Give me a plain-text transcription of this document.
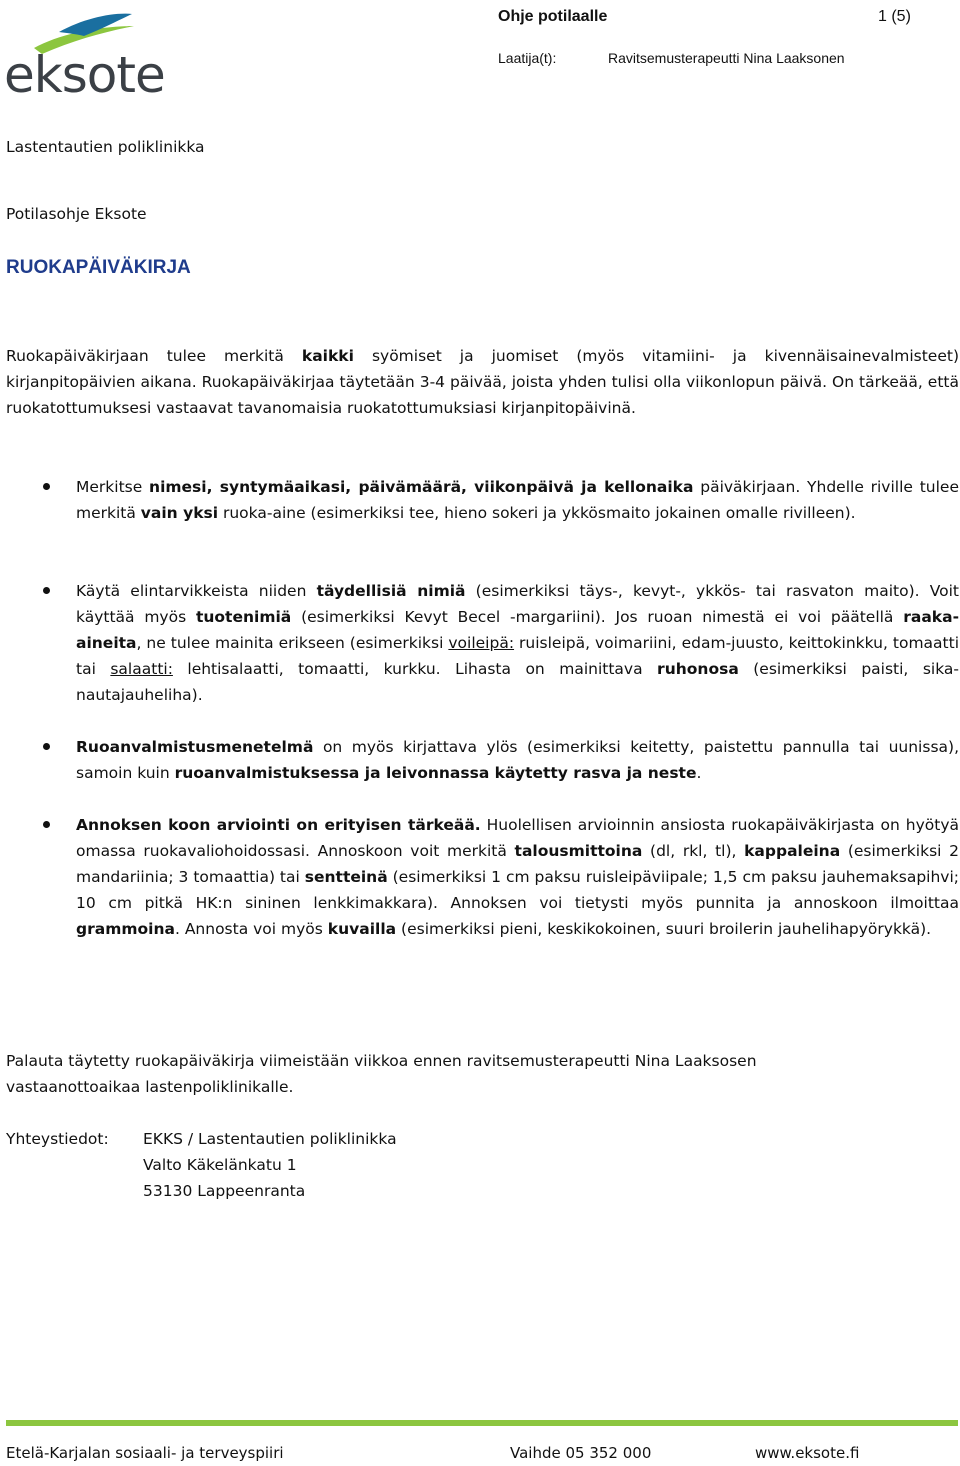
eksote
Ohje potilaalle	1 (5)
Laatija(t):	Ravitsemusterapeutti Nina Laaksonen
Lastentautien poliklinikka
Potilasohje Eksote
RUOKAPÄIVÄKIRJA
Ruokapäiväkirjaan tulee merkitä kaikki syömiset ja juomiset (myös vitamiini- ja kivennäisainevalmisteet) kirjanpitopäivien aikana. Ruokapäiväkirjaa täytetään 3-4 päivää, joista yhden tulisi olla viikonlopun päivä. On tärkeää, että ruokatottumuksesi vastaavat tavanomaisia ruokatottumuksiasi kirjanpitopäivinä.
Merkitse nimesi, syntymäaikasi, päivämäärä, viikonpäivä ja kellonaika päiväkirjaan. Yhdelle riville tulee merkitä vain yksi ruoka-aine (esimerkiksi tee, hieno sokeri ja ykkösmaito jokainen omalle rivilleen).
Käytä elintarvikkeista niiden täydellisiä nimiä (esimerkiksi täys-, kevyt-, ykkös- tai rasvaton maito). Voit käyttää myös tuotenimiä (esimerkiksi Kevyt Becel -margariini). Jos ruoan nimestä ei voi päätellä raaka-aineita, ne tulee mainita erikseen (esimerkiksi voileipä: ruisleipä, voimariini, edam-juusto, keittokinkku, tomaatti tai salaatti: lehtisalaatti, tomaatti, kurkku. Lihasta on mainittava ruhonosa (esimerkiksi paisti, sika-nautajauheliha).
Ruoanvalmistusmenetelmä on myös kirjattava ylös (esimerkiksi keitetty, paistettu pannulla tai uunissa), samoin kuin ruoanvalmistuksessa ja leivonnassa käytetty rasva ja neste.
Annoksen koon arviointi on erityisen tärkeää. Huolellisen arvioinnin ansiosta ruokapäiväkirjasta on hyötyä omassa ruokavaliohoidossasi. Annoskoon voit merkitä talousmittoina (dl, rkl, tl), kappaleina (esimerkiksi 2 mandariinia; 3 tomaattia) tai sentteinä (esimerkiksi 1 cm paksu ruisleipäviipale; 1,5 cm paksu jauhemaksapihvi; 10 cm pitkä HK:n sininen lenkkimakkara). Annoksen voi tietysti myös punnita ja annoskoon ilmoittaa grammoina. Annosta voi myös kuvailla (esimerkiksi pieni, keskikokoinen, suuri broilerin jauhelihapyörykkä).
Palauta täytetty ruokapäiväkirja viimeistään viikkoa ennen ravitsemusterapeutti Nina Laaksosen vastaanottoaikaa lastenpoliklinikalle.
Yhteystiedot: EKKS / Lastentautien poliklinikka
Valto Käkelänkatu 1
53130 Lappeenranta
Etelä-Karjalan sosiaali- ja terveyspiiri	Vaihde 05 352 000	www.eksote.fi
